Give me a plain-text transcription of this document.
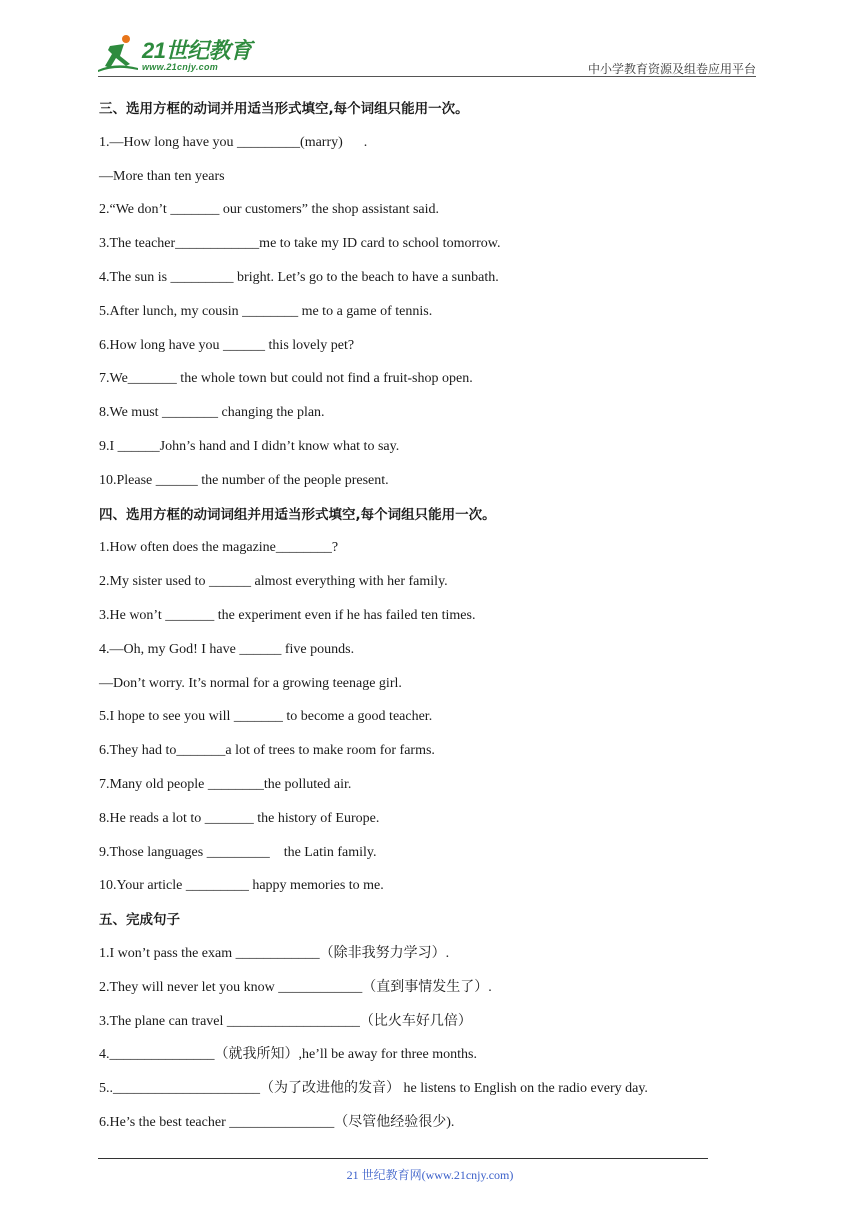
21世纪教育
www.21cnjy.com	中小学教育资源及组卷应用平台
三、选用方框的动词并用适当形式填空,每个词组只能用一次。
1.—How long have you _________(marry)      .
—More than ten years
2.“We don’t _______ our customers” the shop assistant said.
3.The teacher____________me to take my ID card to school tomorrow.
4.The sun is _________ bright. Let’s go to the beach to have a sunbath.
5.After lunch, my cousin ________ me to a game of tennis.
6.How long have you ______ this lovely pet?
7.We_______ the whole town but could not find a fruit-shop open.
8.We must ________ changing the plan.
9.I ______John’s hand and I didn’t know what to say.
10.Please ______ the number of the people present.
四、选用方框的动词词组并用适当形式填空,每个词组只能用一次。
1.How often does the magazine________?
2.My sister used to ______ almost everything with her family.
3.He won’t _______ the experiment even if he has failed ten times.
4.—Oh, my God! I have ______ five pounds.
—Don’t worry. It’s normal for a growing teenage girl.
5.I hope to see you will _______ to become a good teacher.
6.They had to_______a lot of trees to make room for farms.
7.Many old people ________the polluted air.
8.He reads a lot to _______ the history of Europe.
9.Those languages _________    the Latin family.
10.Your article _________ happy memories to me.
五、完成句子
1.I won’t pass the exam ____________（除非我努力学习）.
2.They will never let you know ____________（直到事情发生了）.
3.The plane can travel ___________________（比火车好几倍）
4._______________（就我所知）,he’ll be away for three months.
5.._____________________（为了改进他的发音） he listens to English on the radio every day.
6.He’s the best teacher _______________（尽管他经验很少).
21 世纪教育网(www.21cnjy.com)
